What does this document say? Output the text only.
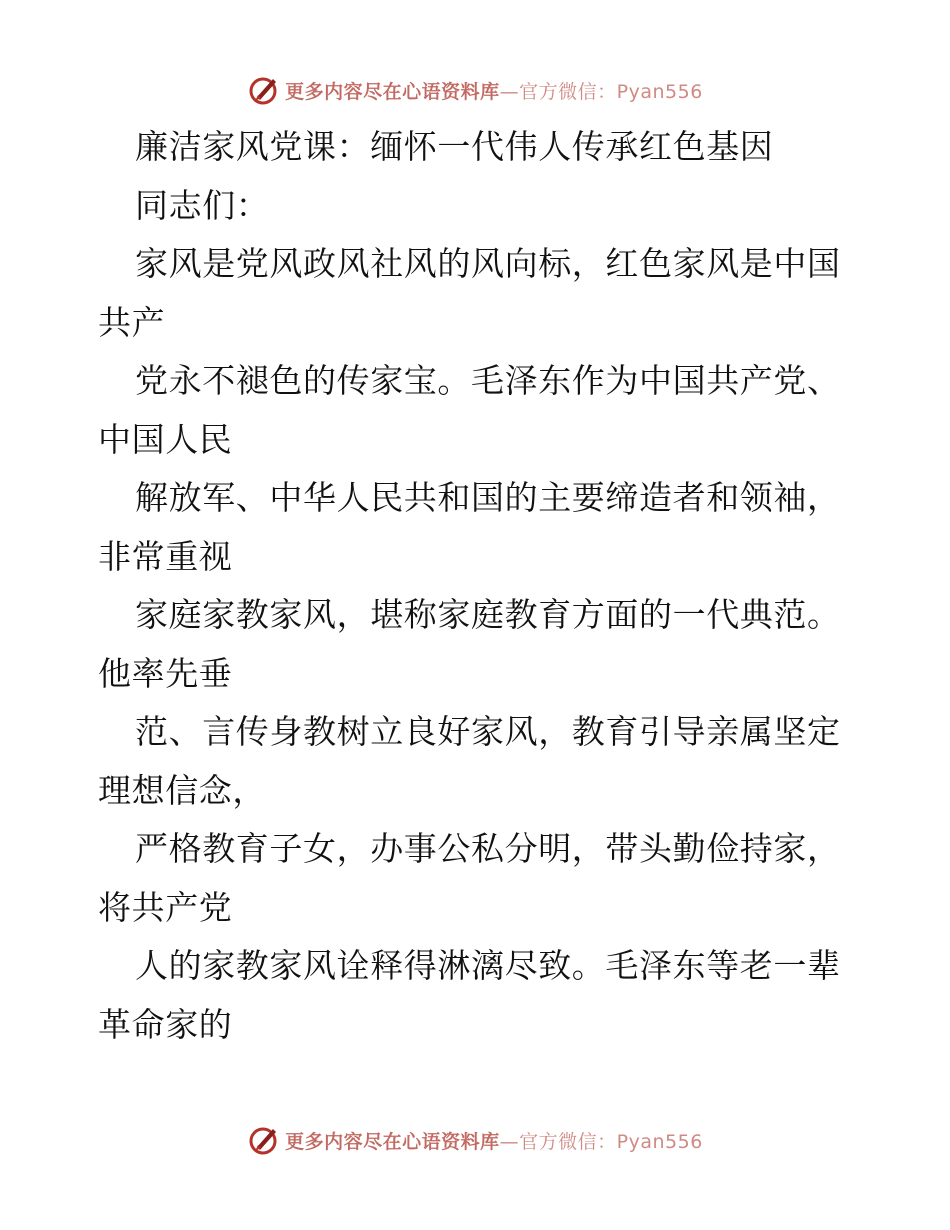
更多内容尽在心语资料库—官方微信：Pyan556
廉洁家风党课：缅怀一代伟人传承红色基因
同志们：
家风是党风政风社风的风向标，红色家风是中国
共产
党永不褪色的传家宝。毛泽东作为中国共产党、
中国人民
解放军、中华人民共和国的主要缔造者和领袖，
非常重视
家庭家教家风，堪称家庭教育方面的一代典范。
他率先垂
范、言传身教树立良好家风，教育引导亲属坚定
理想信念，
严格教育子女，办事公私分明，带头勤俭持家，
将共产党
人的家教家风诠释得淋漓尽致。毛泽东等老一辈
革命家的
更多内容尽在心语资料库—官方微信：Pyan556
